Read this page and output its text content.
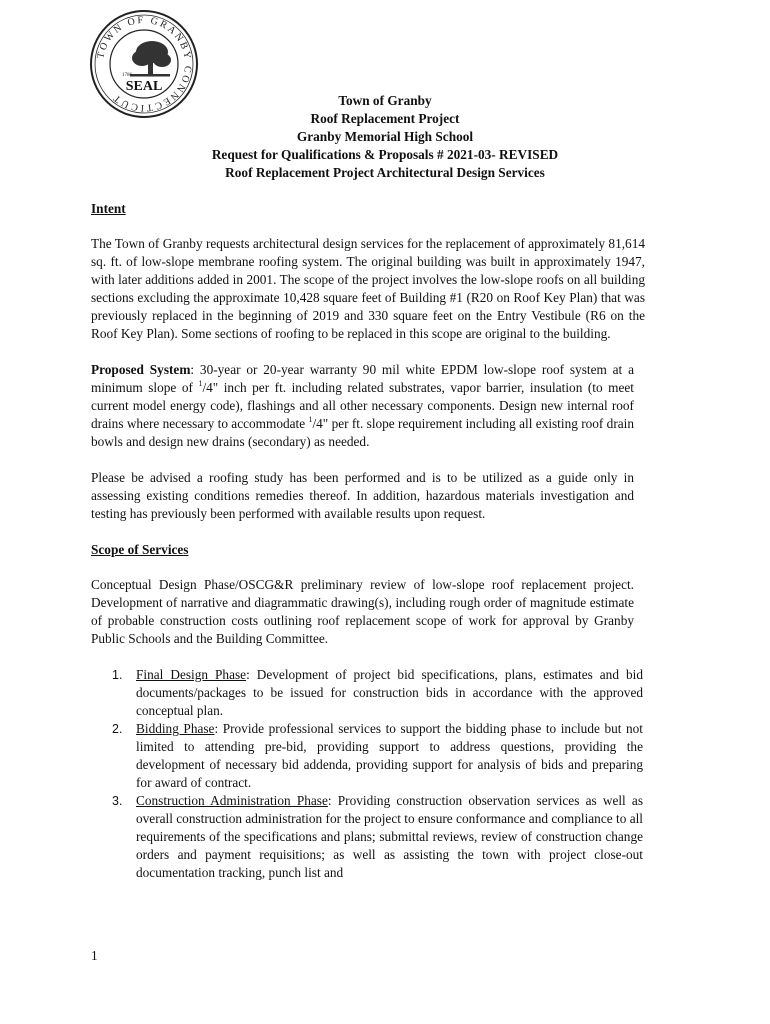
TOWN OF GRANBY CONNECTICUT
1786
SEAL
Town of Granby
Roof Replacement Project
Granby Memorial High School
Request for Qualifications & Proposals # 2021-03- REVISED
Roof Replacement Project Architectural Design Services
Intent

The Town of Granby requests architectural design services for the replacement of approximately 81,614 sq. ft. of low-slope membrane roofing system. The original building was built in approximately 1947, with later additions added in 2001. The scope of the project involves the low-slope roofs on all building sections excluding the approximate 10,428 square feet of Building #1 (R20 on Roof Key Plan) that was previously replaced in the beginning of 2019 and 330 square feet on the Entry Vestibule (R6 on the Roof Key Plan). Some sections of roofing to be replaced in this scope are original to the building.

Proposed System: 30-year or 20-year warranty 90 mil white EPDM low-slope roof system at a minimum slope of $^1$/4" inch per ft. including related substrates, vapor barrier, insulation (to meet current model energy code), flashings and all other necessary components. Design new internal roof drains where necessary to accommodate $^1$/4" per ft. slope requirement including all existing roof drain bowls and design new drains (secondary) as needed.

Please be advised a roofing study has been performed and is to be utilized as a guide only in assessing existing conditions remedies thereof. In addition, hazardous materials investigation and testing has previously been performed with available results upon request.

Scope of Services

Conceptual Design Phase/OSCG&R preliminary review of low-slope roof replacement project. Development of narrative and diagrammatic drawing(s), including rough order of magnitude estimate of probable construction costs outlining roof replacement scope of work for approval by Granby Public Schools and the Building Committee.

1. Final Design Phase: Development of project bid specifications, plans, estimates and bid documents/packages to be issued for construction bids in accordance with the approved conceptual plan.
2. Bidding Phase: Provide professional services to support the bidding phase to include but not limited to attending pre-bid, providing support to address questions, providing the development of necessary bid addenda, providing support for analysis of bids and preparing for award of contract.
3. Construction Administration Phase: Providing construction observation services as well as overall construction administration for the project to ensure conformance and compliance to all requirements of the specifications and plans; submittal reviews, review of construction change orders and payment requisitions; as well as assisting the town with project close-out documentation tracking, punch list and
1
